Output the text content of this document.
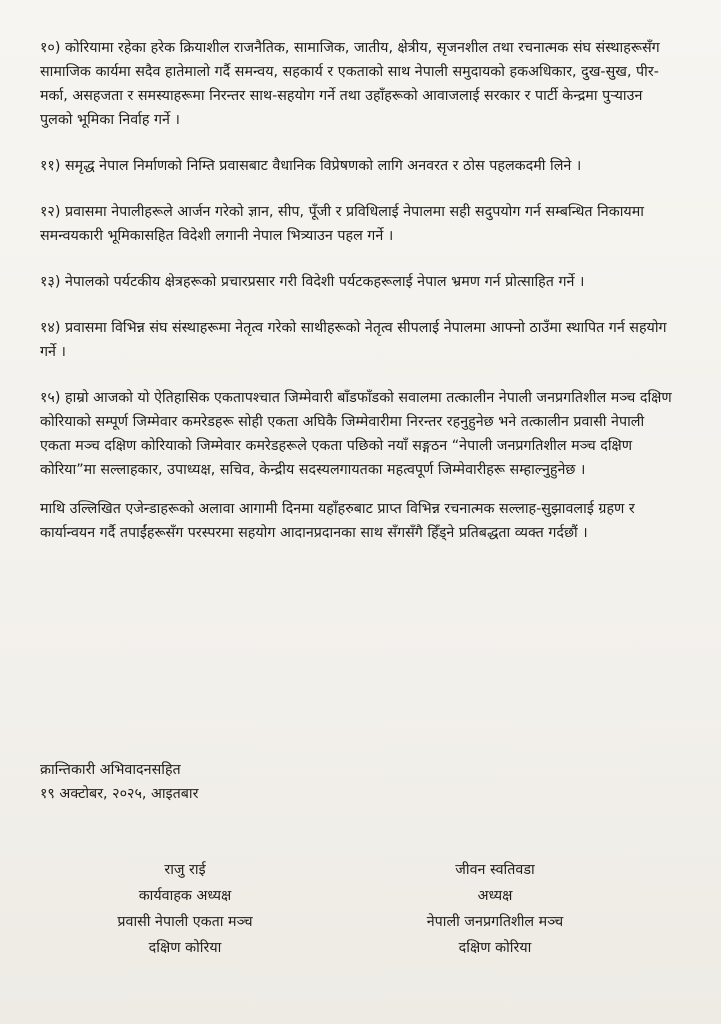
१०) कोरियामा रहेका हरेक क्रियाशील राजनैतिक, सामाजिक, जातीय, क्षेत्रीय, सृजनशील तथा रचनात्मक संघ संस्थाहरूसँग सामाजिक कार्यमा सदैव हातेमालो गर्दै समन्वय, सहकार्य र एकताको साथ नेपाली समुदायको हकअधिकार, दुख-सुख, पीर-मर्का, असहजता र समस्याहरूमा निरन्तर साथ-सहयोग गर्ने तथा उहाँहरूको आवाजलाई सरकार र पार्टी केन्द्रमा पुर्‍याउन पुलको भूमिका निर्वाह गर्ने ।

११) समृद्ध नेपाल निर्माणको निम्ति प्रवासबाट वैधानिक विप्रेषणको लागि अनवरत र ठोस पहलकदमी लिने ।

१२) प्रवासमा नेपालीहरूले आर्जन गरेको ज्ञान, सीप, पूँजी र प्रविधिलाई नेपालमा सही सदुपयोग गर्न सम्बन्धित निकायमा समन्वयकारी भूमिकासहित विदेशी लगानी नेपाल भित्र्याउन पहल गर्ने ।

१३) नेपालको पर्यटकीय क्षेत्रहरूको प्रचारप्रसार गरी विदेशी पर्यटकहरूलाई नेपाल भ्रमण गर्न प्रोत्साहित गर्ने ।

१४) प्रवासमा विभिन्न संघ संस्थाहरूमा नेतृत्व गरेको साथीहरूको नेतृत्व सीपलाई नेपालमा आफ्नो ठाउँमा स्थापित गर्न सहयोग गर्ने ।

१५) हाम्रो आजको यो ऐतिहासिक एकतापश्चात जिम्मेवारी बाँडफाँडको सवालमा तत्कालीन नेपाली जनप्रगतिशील मञ्च दक्षिण कोरियाको सम्पूर्ण जिम्मेवार कमरेडहरू सोही एकता अघिकै जिम्मेवारीमा निरन्तर रहनुहुनेछ भने तत्कालीन प्रवासी नेपाली एकता मञ्च दक्षिण कोरियाको जिम्मेवार कमरेडहरूले एकता पछिको नयाँ सङ्गठन “नेपाली जनप्रगतिशील मञ्च दक्षिण कोरिया”मा सल्लाहकार, उपाध्यक्ष, सचिव, केन्द्रीय सदस्यलगायतका महत्वपूर्ण जिम्मेवारीहरू सम्हाल्नुहुनेछ ।

माथि उल्लिखित एजेन्डाहरूको अलावा आगामी दिनमा यहाँहरुबाट प्राप्त विभिन्न रचनात्मक सल्लाह-सुझावलाई ग्रहण र कार्यान्वयन गर्दै तपाईंहरूसँग परस्परमा सहयोग आदानप्रदानका साथ सँगसँगै हिँड्ने प्रतिबद्धता व्यक्त गर्दछौं ।

क्रान्तिकारी अभिवादनसहित
१९ अक्टोबर, २०२५, आइतबार
राजु राई
कार्यवाहक अध्यक्ष
प्रवासी नेपाली एकता मञ्च
दक्षिण कोरिया
जीवन स्वतिवडा
अध्यक्ष
नेपाली जनप्रगतिशील मञ्च
दक्षिण कोरिया
